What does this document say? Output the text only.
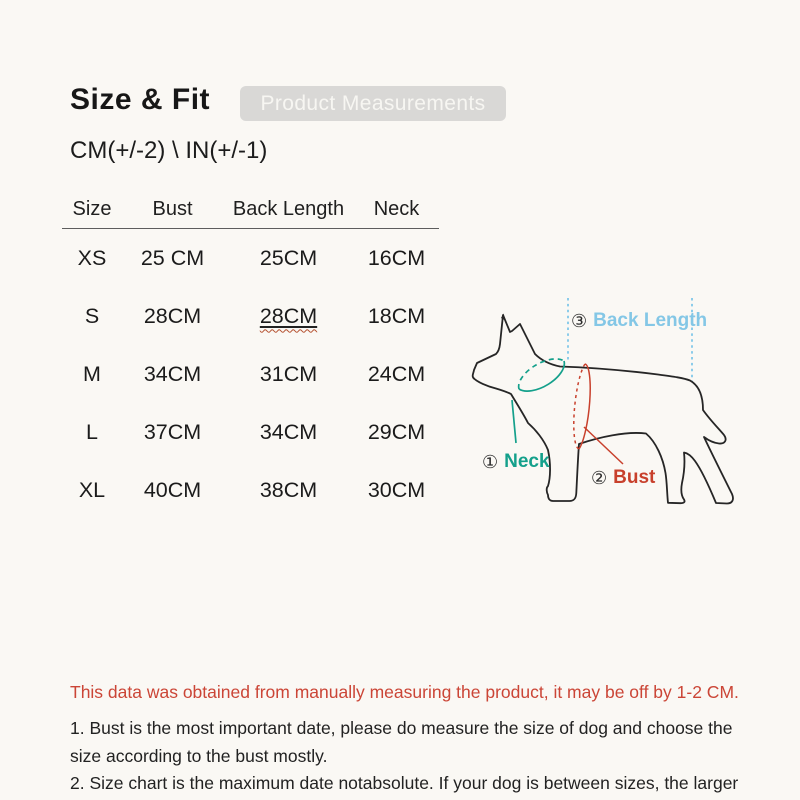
Size & Fit Product Measurements
CM(+/-2) \ IN(+/-1)
Size	Bust	Back Length	Neck
XS	25 CM	25CM	16CM
S	28CM	28CM	18CM
M	34CM	31CM	24CM
L	37CM	34CM	29CM
XL	40CM	38CM	30CM
③ Back Length
① Neck
② Bust
This data was obtained from manually measuring the product, it may be off by 1-2 CM.
1. Bust is the most important date, please do measure the size of dog and choose the size according to the bust mostly.
2. Size chart is the maximum date notabsolute. If your dog is between sizes, the larger
